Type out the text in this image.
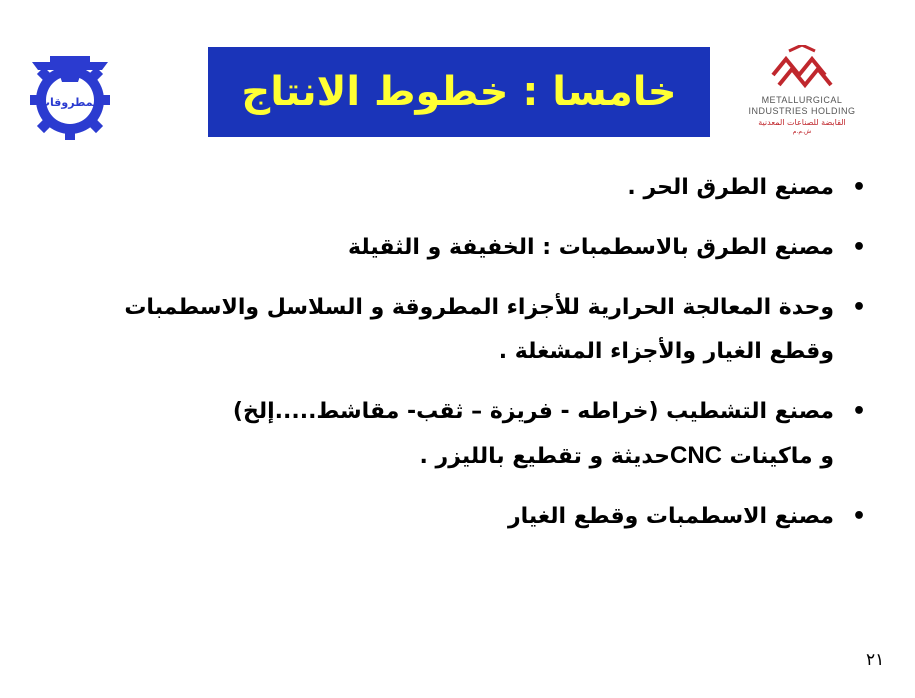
المطروقات	خامسا : خطوط الانتاج	METALLURGICAL
INDUSTRIES HOLDING
القابضة للصناعات المعدنية
ش.م.م
•
مصنع الطرق الحر .
•
مصنع الطرق بالاسطمبات : الخفيفة و الثقيلة
•
وحدة المعالجة الحرارية للأجزاء المطروقة و السلاسل والاسطمبات
وقطع الغيار والأجزاء المشغلة .
•
مصنع التشطيب (خراطه - فريزة – ثقب- مقاشط.....إلخ)
و ماكينات CNCحديثة و تقطيع بالليزر .
•
مصنع الاسطمبات وقطع الغيار
٢١
